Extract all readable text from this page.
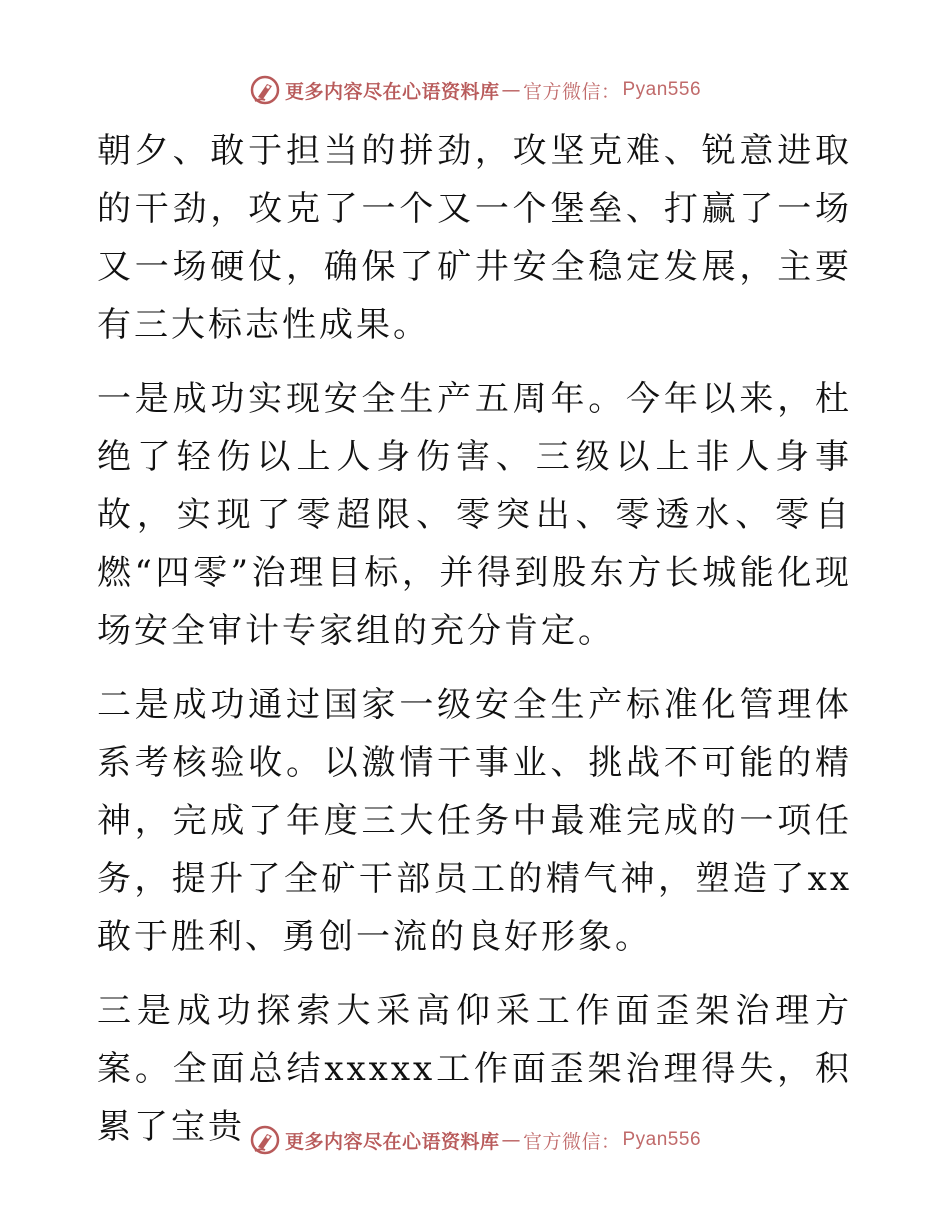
更多内容尽在心语资料库 — 官方微信： Pyan556

朝夕、敢于担当的拼劲，攻坚克难、锐意进取的干劲，攻克了一个又一个堡垒、打赢了一场又一场硬仗，确保了矿井安全稳定发展，主要有三大标志性成果。

一是成功实现安全生产五周年。今年以来，杜绝了轻伤以上人身伤害、三级以上非人身事故，实现了零超限、零突出、零透水、零自燃“四零”治理目标，并得到股东方长城能化现场安全审计专家组的充分肯定。

二是成功通过国家一级安全生产标准化管理体系考核验收。以激情干事业、挑战不可能的精神，完成了年度三大任务中最难完成的一项任务，提升了全矿干部员工的精气神，塑造了xx敢于胜利、勇创一流的良好形象。

三是成功探索大采高仰采工作面歪架治理方案。全面总结xxxxx工作面歪架治理得失，积累了宝贵	更多内容尽在心语资料库 — 官方微信： Pyan556
